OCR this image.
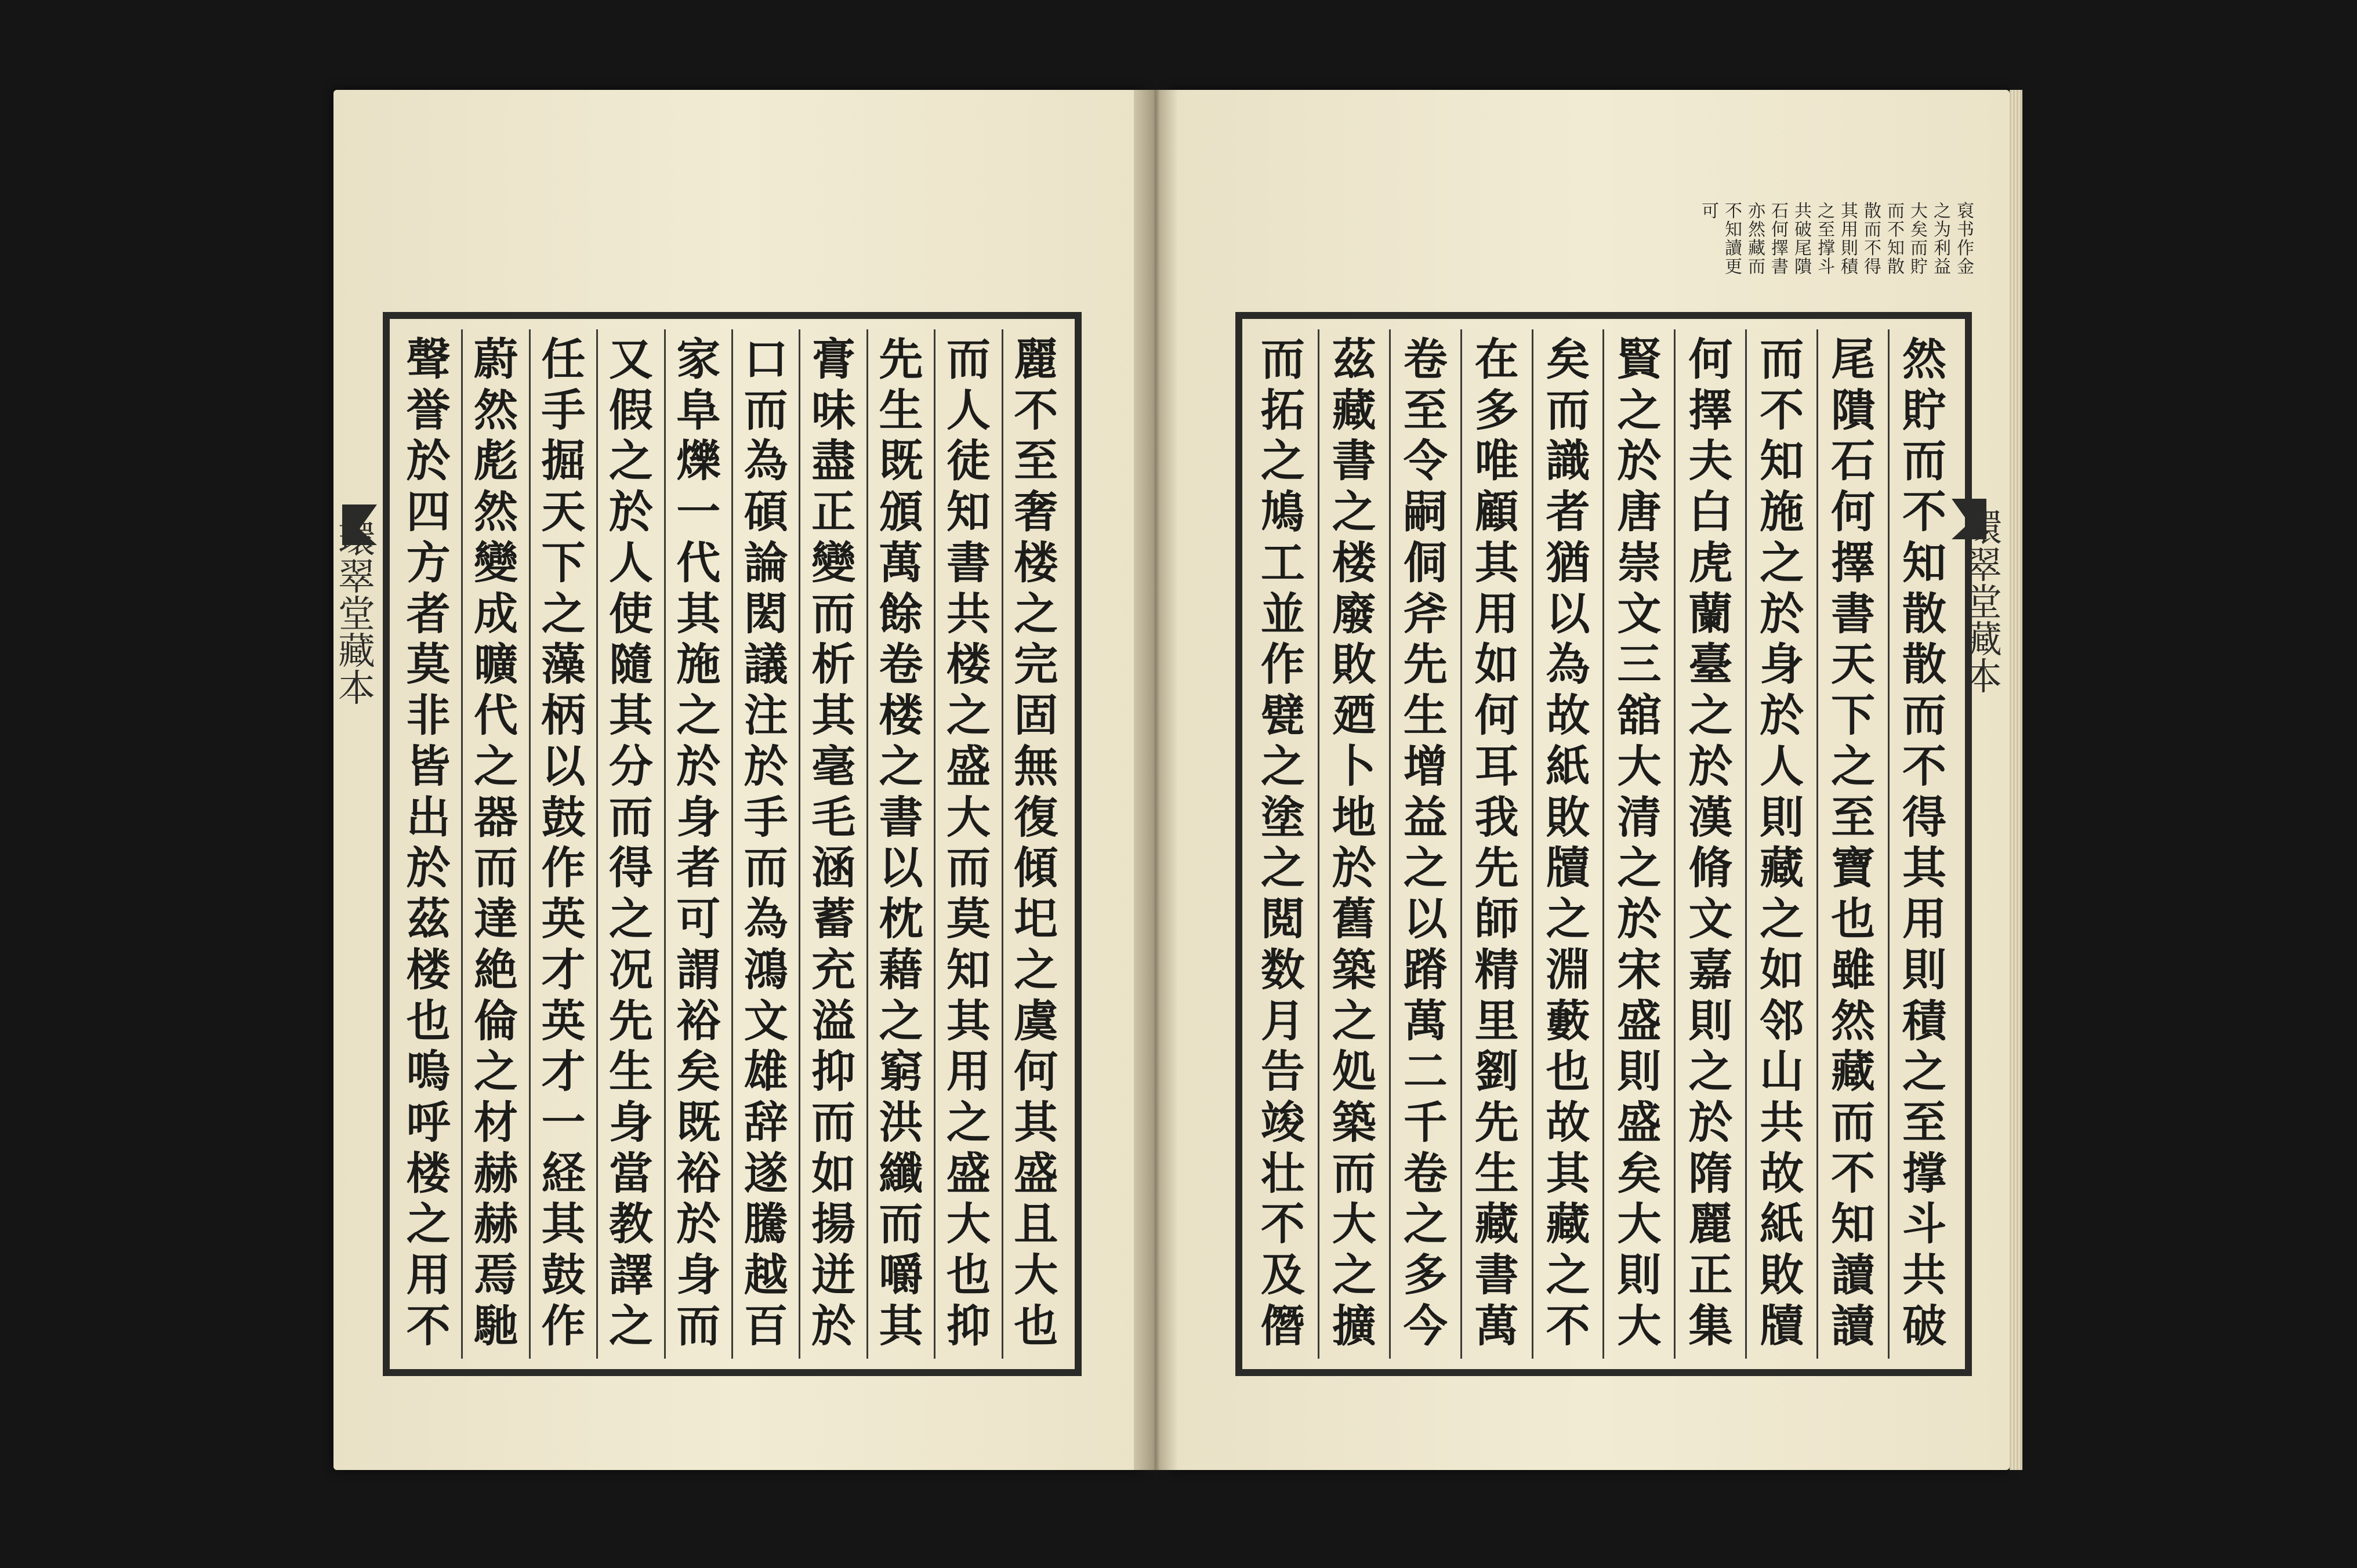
環
翠
堂
藏
本
環
翠
堂
藏
本
裒
书
作
金
之
为
利
益
大
矣
而
貯
而
不
知
散
散
而
不
得
其
用
則
積
之
至
撑
斗
共
破
尾
隤
石
何
擇
書
亦
然
藏
而
不
知
讀
更
可
麗
不
至
奢
楼
之
完
固
無
復
傾
圯
之
虞
何
其
盛
且
大
也
而
人
徒
知
書
共
楼
之
盛
大
而
莫
知
其
用
之
盛
大
也
抑
先
生
既
頒
萬
餘
卷
楼
之
書
以
枕
藉
之
窮
洪
纖
而
嚼
其
膏
味
盡
正
變
而
析
其
毫
毛
涵
蓄
充
溢
抑
而
如
揚
迸
於
口
而
為
碩
論
閎
議
注
於
手
而
為
鴻
文
雄
辞
遂
騰
越
百
家
阜
爍
一
代
其
施
之
於
身
者
可
謂
裕
矣
既
裕
於
身
而
又
假
之
於
人
使
隨
其
分
而
得
之
况
先
生
身
當
教
譯
之
任
手
掘
天
下
之
藻
柄
以
鼓
作
英
才
英
才
一
経
其
鼓
作
蔚
然
彪
然
變
成
曠
代
之
器
而
達
絶
倫
之
材
赫
赫
焉
馳
聲
誉
於
四
方
者
莫
非
皆
出
於
茲
楼
也
嗚
呼
楼
之
用
不
然
貯
而
不
知
散
散
而
不
得
其
用
則
積
之
至
撑
斗
共
破
尾
隤
石
何
擇
書
天
下
之
至
寶
也
雖
然
藏
而
不
知
讀
讀
而
不
知
施
之
於
身
於
人
則
藏
之
如
邻
山
共
故
紙
敗
牘
何
擇
夫
白
虎
蘭
臺
之
於
漢
脩
文
嘉
則
之
於
隋
麗
正
集
賢
之
於
唐
崇
文
三
舘
大
清
之
於
宋
盛
則
盛
矣
大
則
大
矣
而
識
者
猶
以
為
故
紙
敗
牘
之
淵
藪
也
故
其
藏
之
不
在
多
唯
顧
其
用
如
何
耳
我
先
師
精
里
劉
先
生
藏
書
萬
卷
至
令
嗣
侗
斧
先
生
增
益
之
以
蹐
萬
二
千
卷
之
多
今
茲
藏
書
之
楼
廢
敗
廼
卜
地
於
舊
築
之
処
築
而
大
之
擴
而
拓
之
鳩
工
並
作
甓
之
塗
之
閲
数
月
告
竣
壮
不
及
僭
